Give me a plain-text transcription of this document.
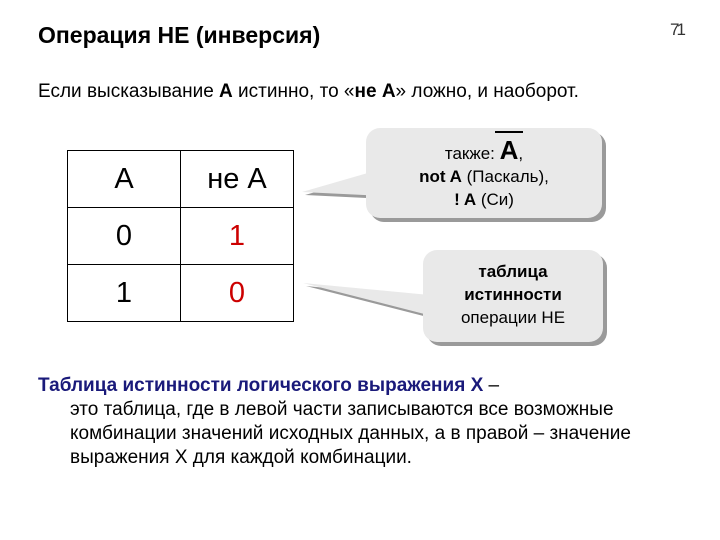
Операция НЕ (инверсия)	71

Если высказывание A истинно, то «не A» ложно, и наоборот.

A	не A
0	1
1	0
также: A,
not A (Паскаль),
! A (Си)
таблица
истинности
операции НЕ

Таблица истинности логического выражения X –
это таблица, где в левой части записываются все возможные комбинации значений исходных данных, а в правой – значение выражения X для каждой комбинации.
